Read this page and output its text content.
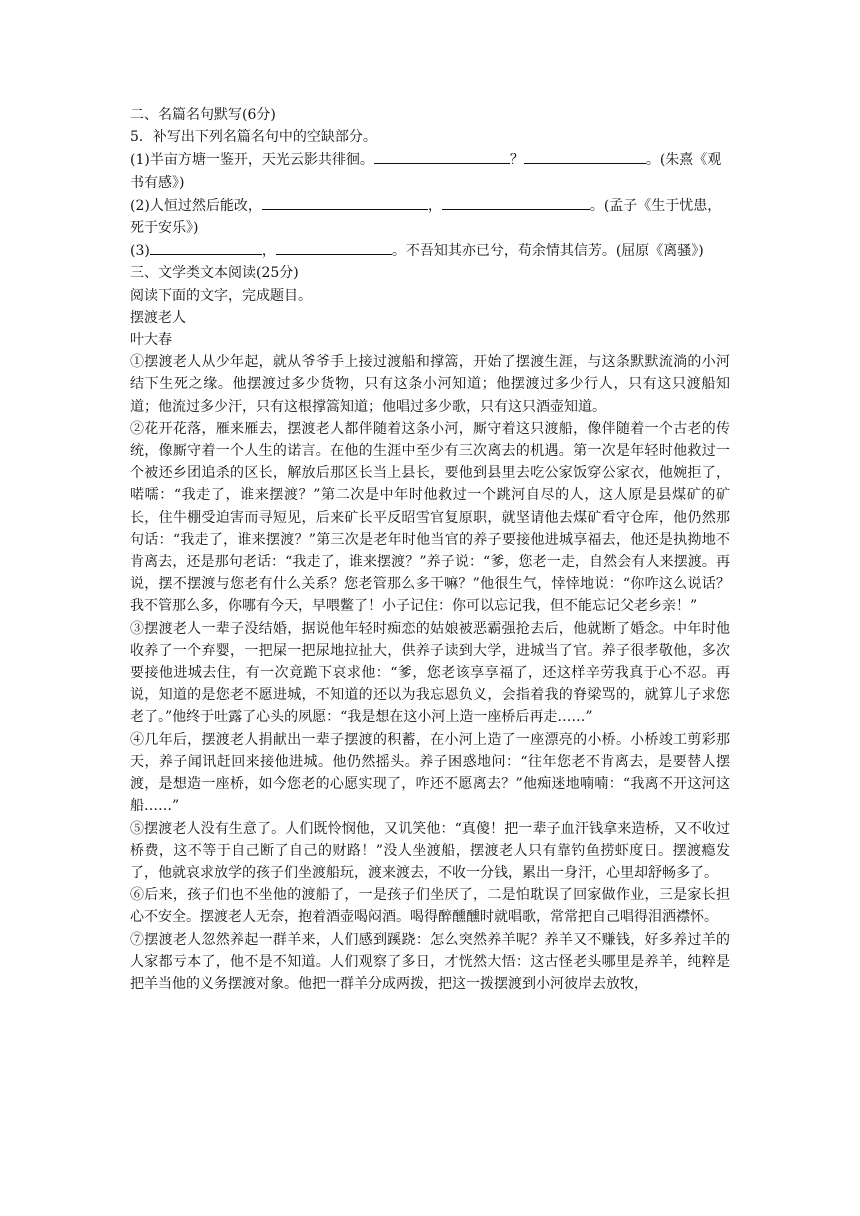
二、名篇名句默写(6分)
5．补写出下列名篇名句中的空缺部分。
(1)半亩方塘一鉴开，天光云影共徘徊。	？	。(朱熹《观
书有感》)
(2)人恒过然后能改，	，	。(孟子《生于忧患，
死于安乐》)
(3)	，	。不吾知其亦已兮，苟余情其信芳。(屈原《离骚》)
三、文学类文本阅读(25分)
阅读下面的文字，完成题目。
摆渡老人
叶大春
①摆渡老人从少年起，就从爷爷手上接过渡船和撑篙，开始了摆渡生涯，与这条默默流淌的小河结下生死之缘。他摆渡过多少货物，只有这条小河知道；他摆渡过多少行人，只有这只渡船知道；他流过多少汗，只有这根撑篙知道；他唱过多少歌，只有这只酒壶知道。
②花开花落，雁来雁去，摆渡老人都伴随着这条小河，厮守着这只渡船，像伴随着一个古老的传统，像厮守着一个人生的诺言。在他的生涯中至少有三次离去的机遇。第一次是年轻时他救过一个被还乡团追杀的区长，解放后那区长当上县长，要他到县里去吃公家饭穿公家衣，他婉拒了，喏嚅：“我走了，谁来摆渡？”第二次是中年时他救过一个跳河自尽的人，这人原是县煤矿的矿长，住牛棚受迫害而寻短见，后来矿长平反昭雪官复原职，就坚请他去煤矿看守仓库，他仍然那句话：“我走了，谁来摆渡？”第三次是老年时他当官的养子要接他进城享福去，他还是执拗地不肯离去，还是那句老话：“我走了，谁来摆渡？”养子说：“爹，您老一走，自然会有人来摆渡。再说，摆不摆渡与您老有什么关系？您老管那么多干嘛？”他很生气，悻悻地说：“你咋这么说话？我不管那么多，你哪有今天，早喂鳖了！小子记住：你可以忘记我，但不能忘记父老乡亲！”
③摆渡老人一辈子没结婚，据说他年轻时痴恋的姑娘被恶霸强抢去后，他就断了婚念。中年时他收养了一个弃婴，一把屎一把尿地拉扯大，供养子读到大学，进城当了官。养子很孝敬他，多次要接他进城去住，有一次竟跪下哀求他：“爹，您老该享享福了，还这样辛劳我真于心不忍。再说，知道的是您老不愿进城，不知道的还以为我忘恩负义，会指着我的脊梁骂的，就算儿子求您老了。”他终于吐露了心头的夙愿：“我是想在这小河上造一座桥后再走……”
④几年后，摆渡老人捐献出一辈子摆渡的积蓄，在小河上造了一座漂亮的小桥。小桥竣工剪彩那天，养子闻讯赶回来接他进城。他仍然摇头。养子困惑地问：“往年您老不肯离去，是要替人摆渡，是想造一座桥，如今您老的心愿实现了，咋还不愿离去？”他痴迷地喃喃：“我离不开这河这船……”
⑤摆渡老人没有生意了。人们既怜悯他，又讥笑他：“真傻！把一辈子血汗钱拿来造桥，又不收过桥费，这不等于自己断了自己的财路！”没人坐渡船，摆渡老人只有靠钓鱼捞虾度日。摆渡瘾发了，他就哀求放学的孩子们坐渡船玩，渡来渡去，不收一分钱，累出一身汗，心里却舒畅多了。
⑥后来，孩子们也不坐他的渡船了，一是孩子们坐厌了，二是怕耽误了回家做作业，三是家长担心不安全。摆渡老人无奈，抱着酒壶喝闷酒。喝得醉醺醺时就唱歌，常常把自己唱得泪洒襟怀。
⑦摆渡老人忽然养起一群羊来，人们感到蹊跷：怎么突然养羊呢？养羊又不赚钱，好多养过羊的人家都亏本了，他不是不知道。人们观察了多日，才恍然大悟：这古怪老头哪里是养羊，纯粹是把羊当他的义务摆渡对象。他把一群羊分成两拨，把这一拨摆渡到小河彼岸去放牧，
